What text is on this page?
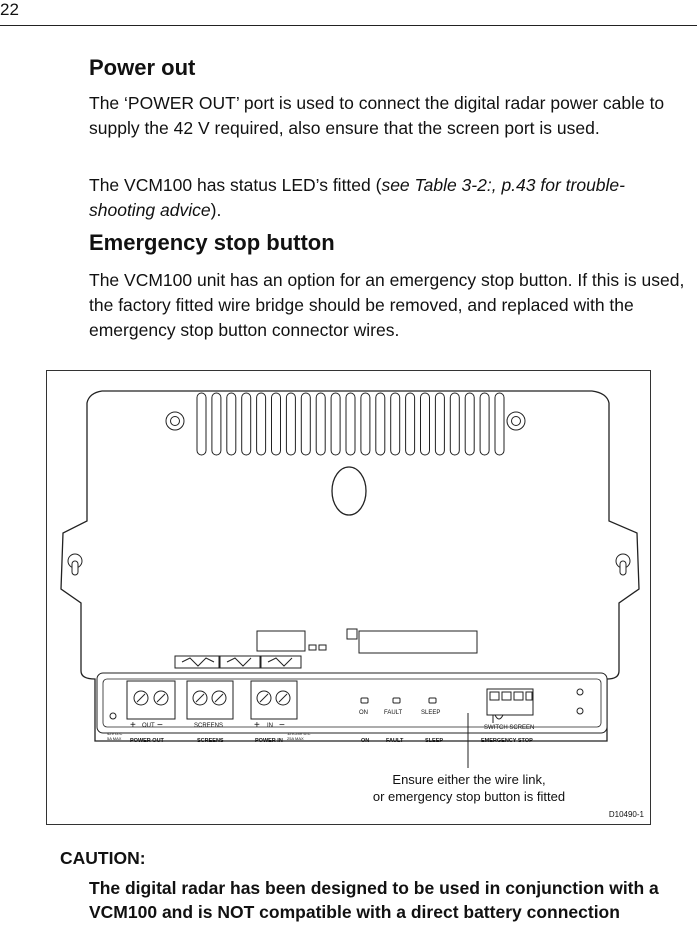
22
Power out
The ‘POWER OUT’ port is used to connect the digital radar power cable to supply the 42 V required, also ensure that the screen port is used.
The VCM100 has status LED’s fitted (see Table 3-2:, p.43 for trouble-shooting advice).
Emergency stop button
The VCM100 unit has an option for an emergency stop button. If this is used, the factory fitted wire bridge should be removed, and replaced with the emergency stop button connector wires.
+ OUT −	SCREENS	+ IN −
42V D-C
5A MAX POWER OUT	SCREENS	POWER IN
12V-24V D-C
25A MAX
ON	FAULT	SLEEP
ON	FAULT	SLEEP
SWITCH SCREEN
EMERGENCY STOP
Ensure either the wire link,
or emergency stop button is fitted
D10490-1
CAUTION:
The digital radar has been designed to be used in conjunction with a VCM100 and is NOT compatible with a direct battery connection
